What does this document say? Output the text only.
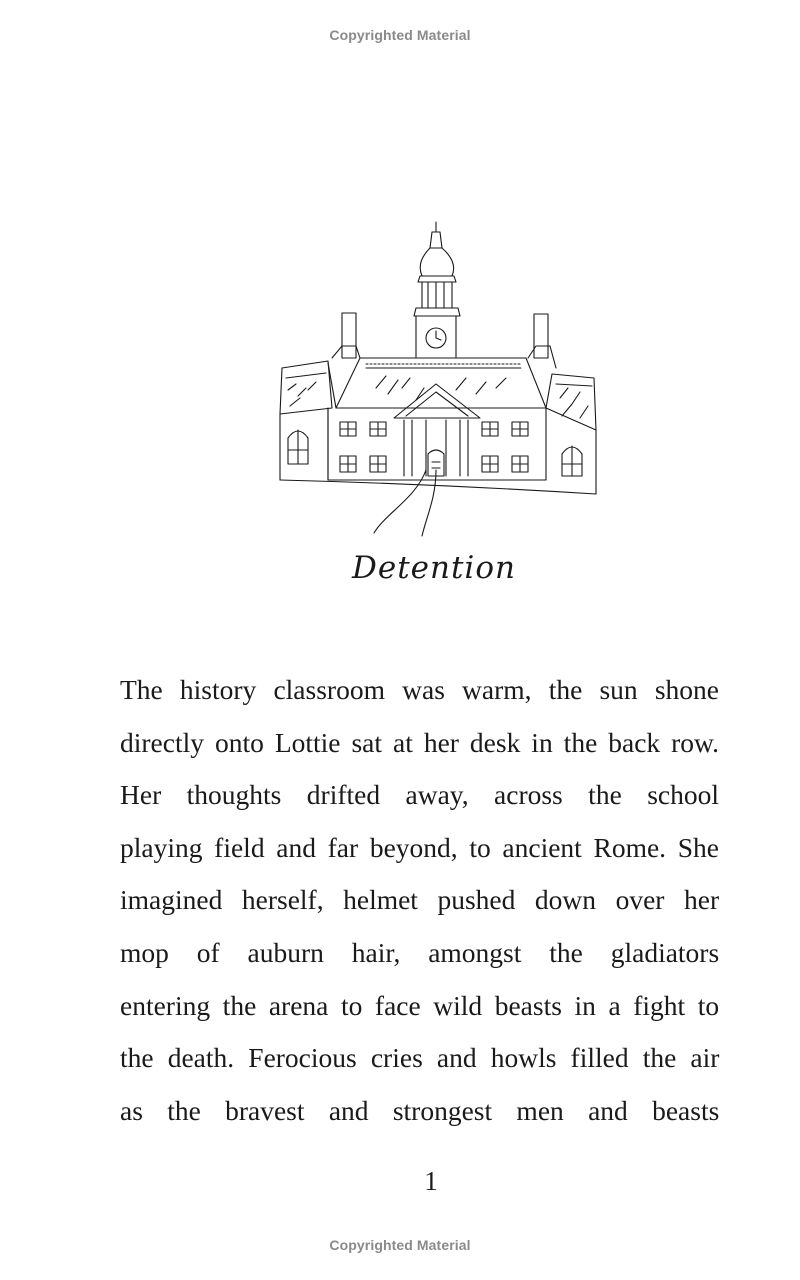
Copyrighted Material
Detention
The history classroom was warm, the sun shone
directly onto Lottie sat at her desk in the back row.
Her thoughts drifted away, across the school
playing field and far beyond, to ancient Rome. She
imagined herself, helmet pushed down over her
mop of auburn hair, amongst the gladiators
entering the arena to face wild beasts in a fight to
the death. Ferocious cries and howls filled the air
as the bravest and strongest men and beasts
1
Copyrighted Material
